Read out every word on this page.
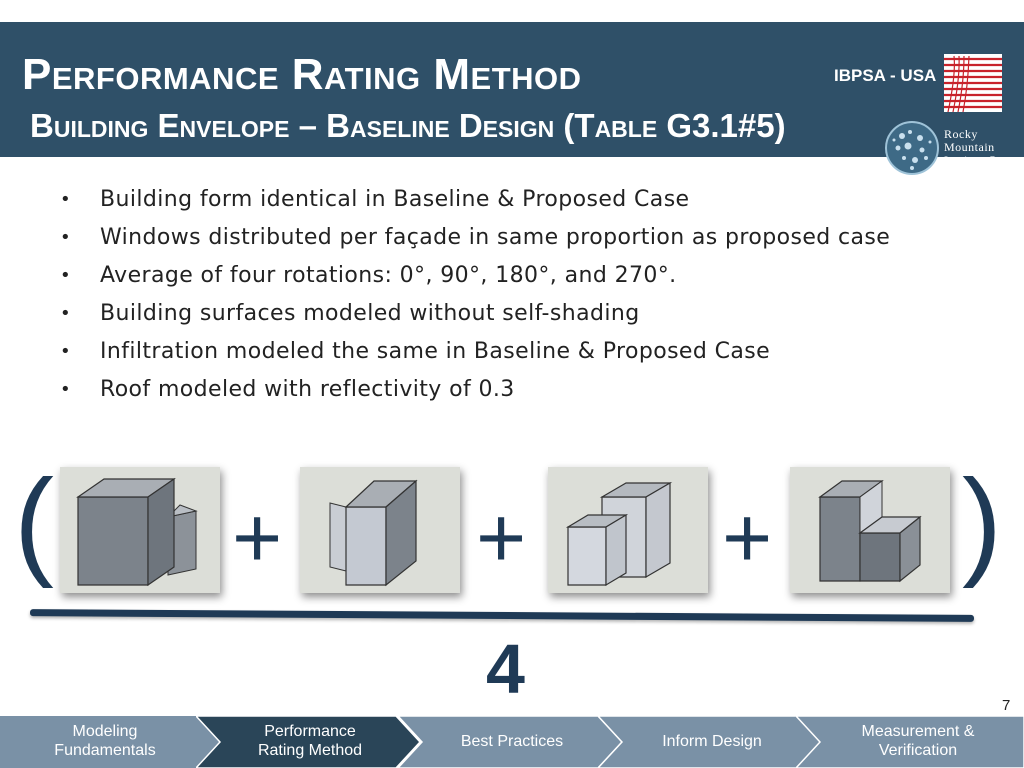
Performance Rating Method
Building Envelope – Baseline Design (Table G3.1#5)
IBPSA - USA
Rocky
Mountain
Institute®
• Building form identical in Baseline & Proposed Case
• Windows distributed per façade in same proportion as proposed case
• Average of four rotations: 0°, 90°, 180°, and 270°.
• Building surfaces modeled without self-shading
• Infiltration modeled the same in Baseline & Proposed Case
• Roof modeled with reflectivity of 0.3
( + + + )
4	7
Modeling
Fundamentals
Performance
Rating Method
Best Practices	Inform Design
Measurement &
Verification
